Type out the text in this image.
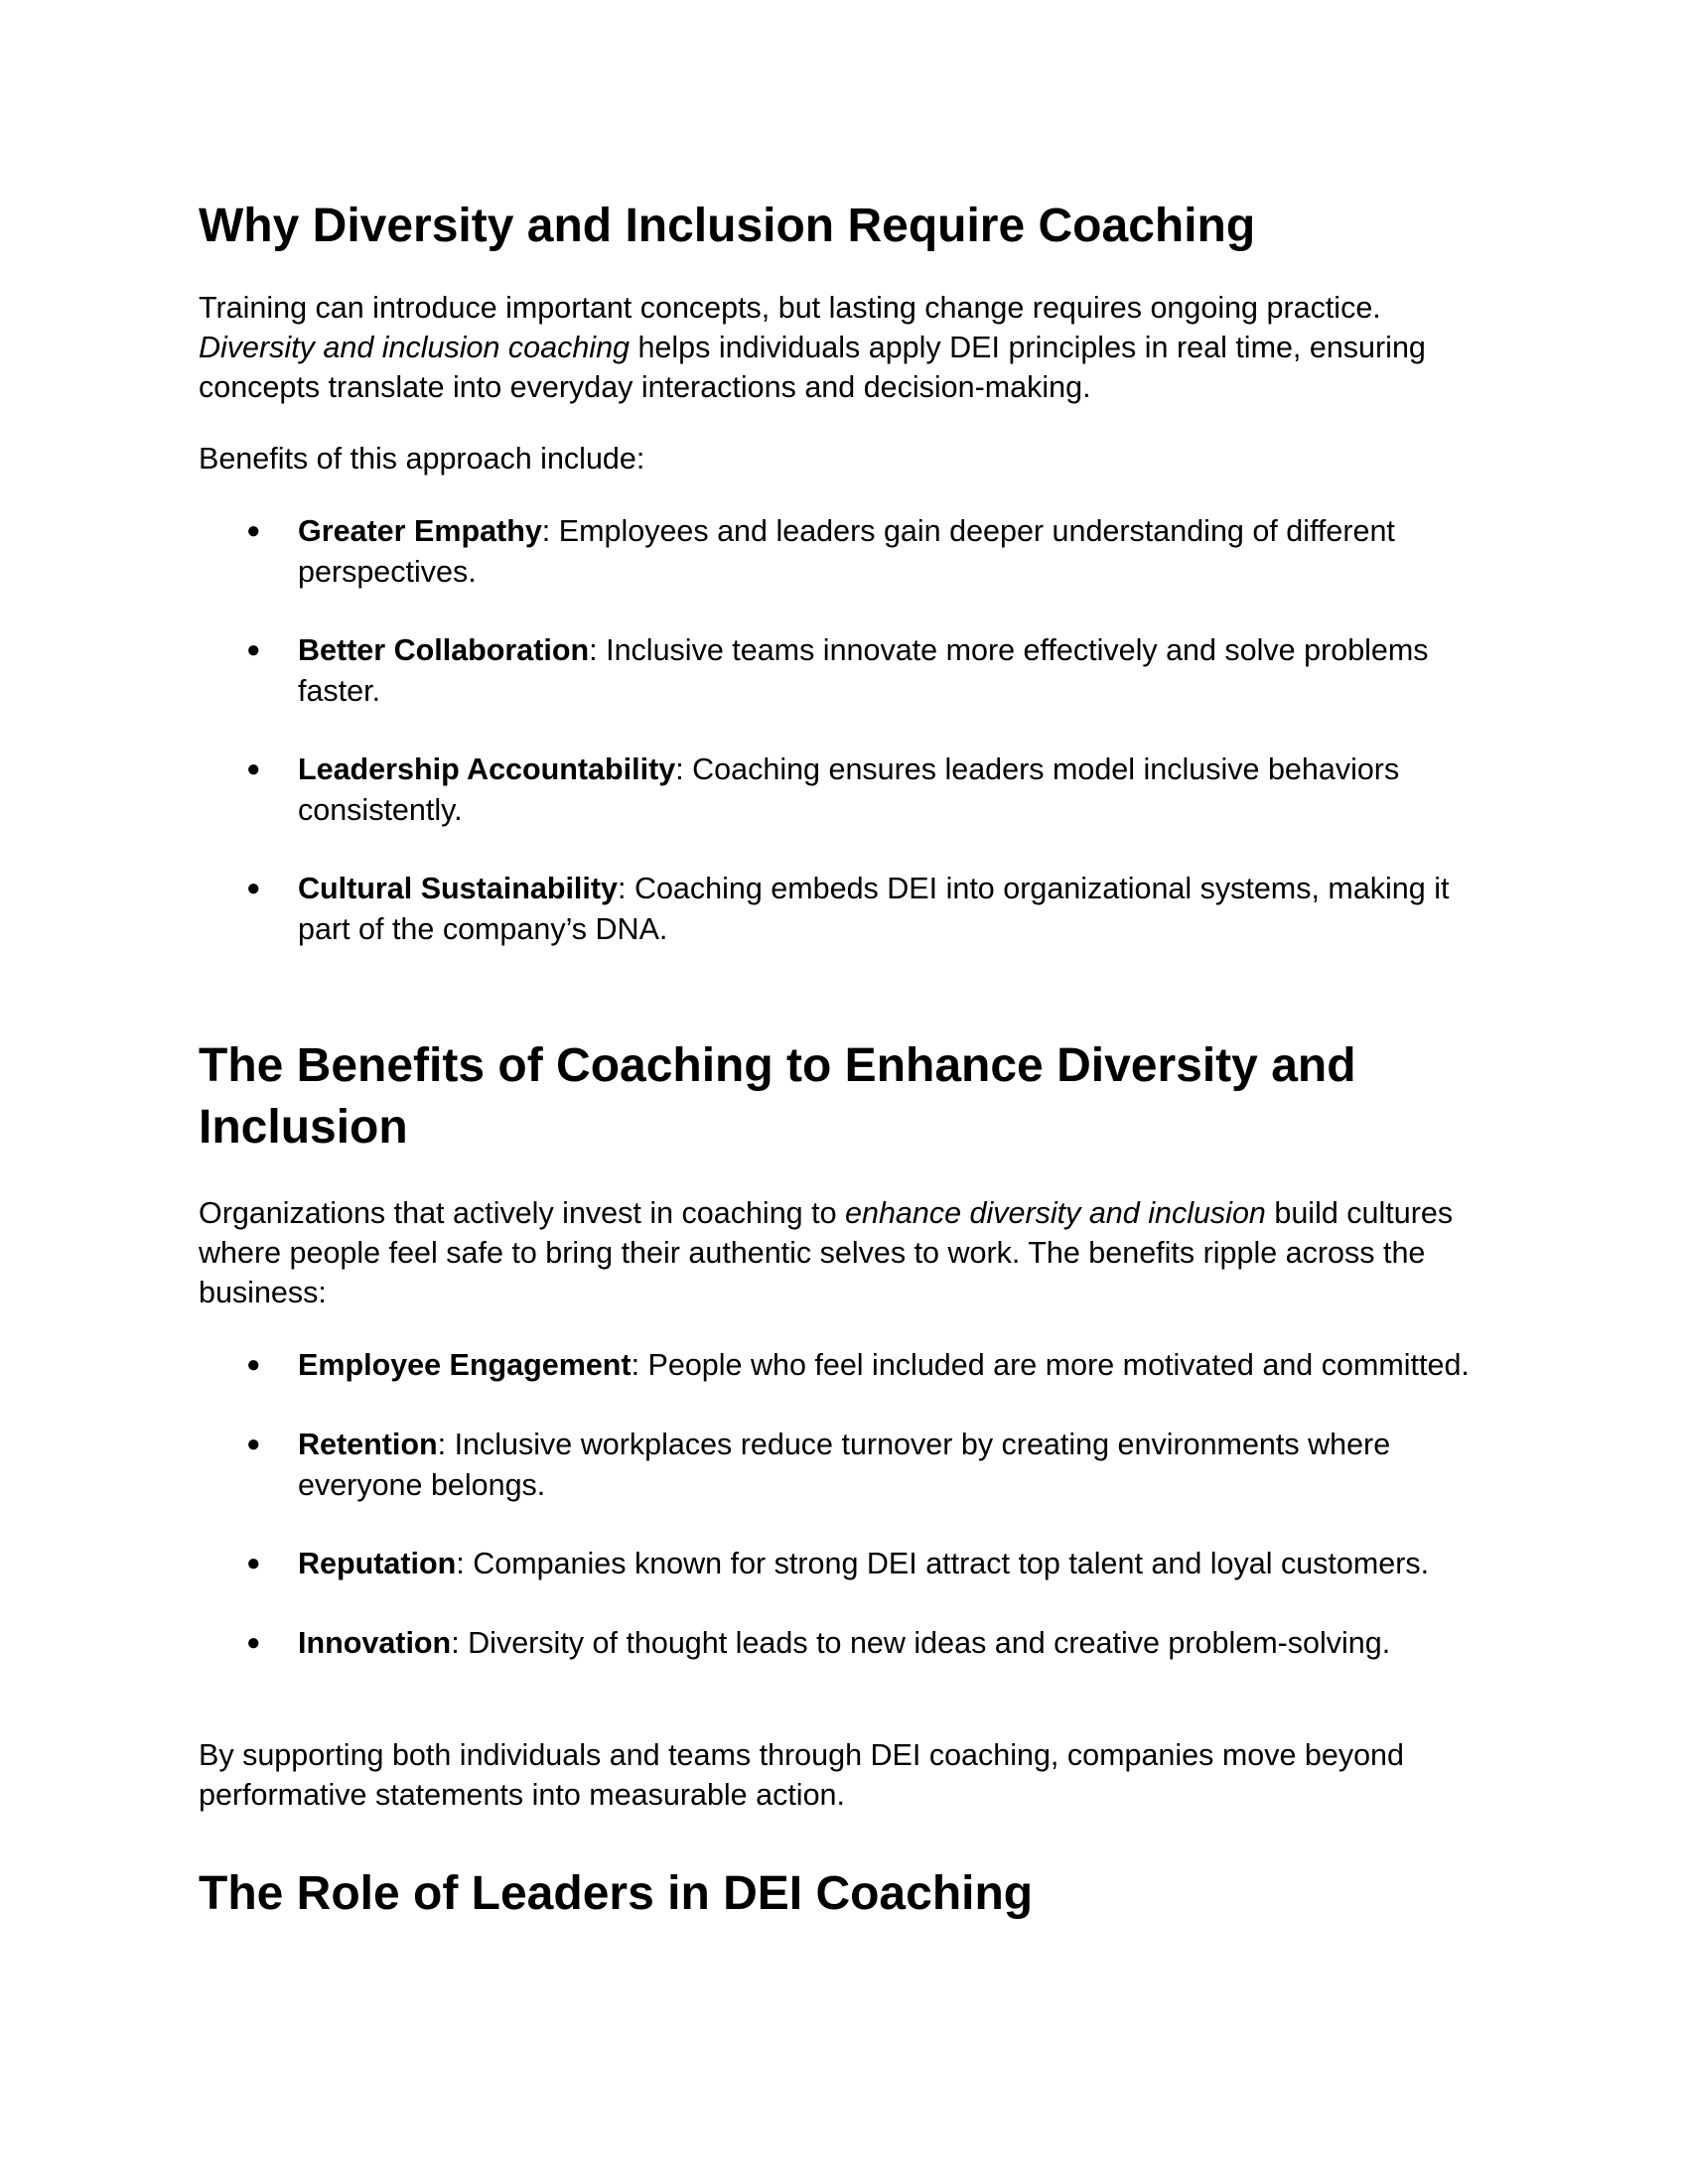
Why Diversity and Inclusion Require Coaching

Training can introduce important concepts, but lasting change requires ongoing practice.

Diversity and inclusion coaching helps individuals apply DEI principles in real time, ensuring

concepts translate into everyday interactions and decision-making.

Benefits of this approach include:

● Greater Empathy: Employees and leaders gain deeper understanding of different
perspectives.
● Better Collaboration: Inclusive teams innovate more effectively and solve problems
faster.
● Leadership Accountability: Coaching ensures leaders model inclusive behaviors
consistently.
● Cultural Sustainability: Coaching embeds DEI into organizational systems, making it
part of the company’s DNA.
The Benefits of Coaching to Enhance Diversity and
Inclusion

Organizations that actively invest in coaching to enhance diversity and inclusion build cultures

where people feel safe to bring their authentic selves to work. The benefits ripple across the

business:

● Employee Engagement: People who feel included are more motivated and committed.
● Retention: Inclusive workplaces reduce turnover by creating environments where
everyone belongs.
● Reputation: Companies known for strong DEI attract top talent and loyal customers.
● Innovation: Diversity of thought leads to new ideas and creative problem-solving.

By supporting both individuals and teams through DEI coaching, companies move beyond

performative statements into measurable action.

The Role of Leaders in DEI Coaching
